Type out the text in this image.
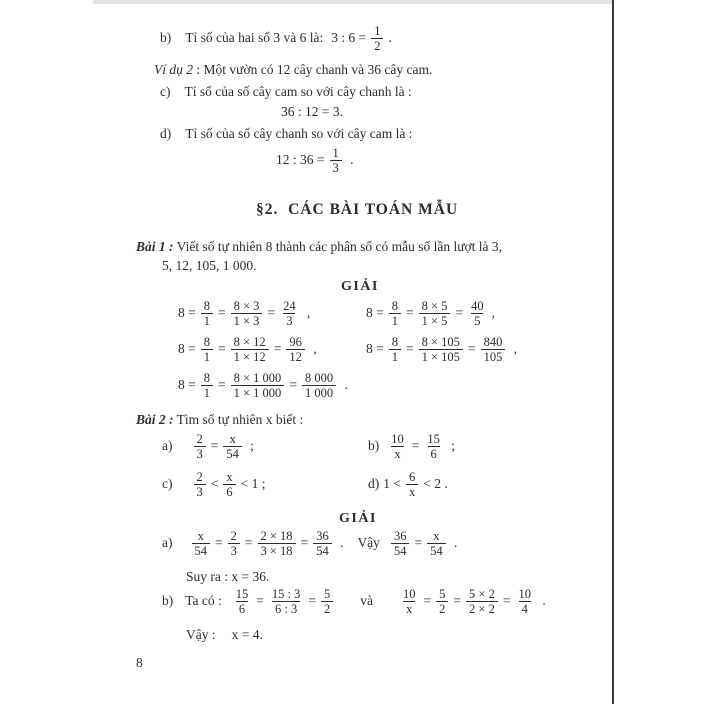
b) Tỉ số của hai số 3 và 6 là: 3 : $6 = \frac{1}{2}$ .
Ví dụ 2 : Một vườn có 12 cây chanh và 36 cây cam.
c) Tỉ số của số cây cam so với cây chanh là :
36 : 12 = 3.
d) Tỉ số của số cây chanh so với cây cam là :
12 : $36 = \frac{1}{3}$ .
§2.  CÁC BÀI TOÁN MẪU
Bài 1 : Viết số tự nhiên 8 thành các phân số có mẫu số lần lượt là 3,
5, 12, 105, 1 000.
GIẢI
$8 = \frac{8}{1} = \frac{8 \times 3}{1 \times 3} = \frac{24}{3}$ ,	$8 = \frac{8}{1} = \frac{8 \times 5}{1 \times 5} = \frac{40}{5}$ ,
$8 = \frac{8}{1} = \frac{8 \times 12}{1 \times 12} = \frac{96}{12}$ ,	$8 = \frac{8}{1} = \frac{8 \times 105}{1 \times 105} = \frac{840}{105}$ ,
$8 = \frac{8}{1} = \frac{8 \times 1 000}{1 \times 1 000} = \frac{8 000}{1 000}$ .
Bài 2 : Tìm số tự nhiên x biết :
$a) \frac{2}{3} = \frac{x}{54}$ ;	$b) \frac{10}{x} = \frac{15}{6}$ ;
$c) \frac{2}{3} < \frac{x}{6} < 1$ ;	d) $1 < \frac{6}{x} < 2$ .
GIẢI
$a) \frac{x}{54} = \frac{2}{3} = \frac{2 \times 18}{3 \times 18} = \frac{36}{54}$ . Vậy $\frac{36}{54} = \frac{x}{54}$ .
Suy ra : x = 36.
b) Ta có : $\frac{15}{6} = \frac{15 : 3}{6 : 3} = \frac{5}{2}$ và $\frac{10}{x} = \frac{5}{2} = \frac{5 \times 2}{2 \times 2} = \frac{10}{4}$ .
Vậy : x = 4.
8
